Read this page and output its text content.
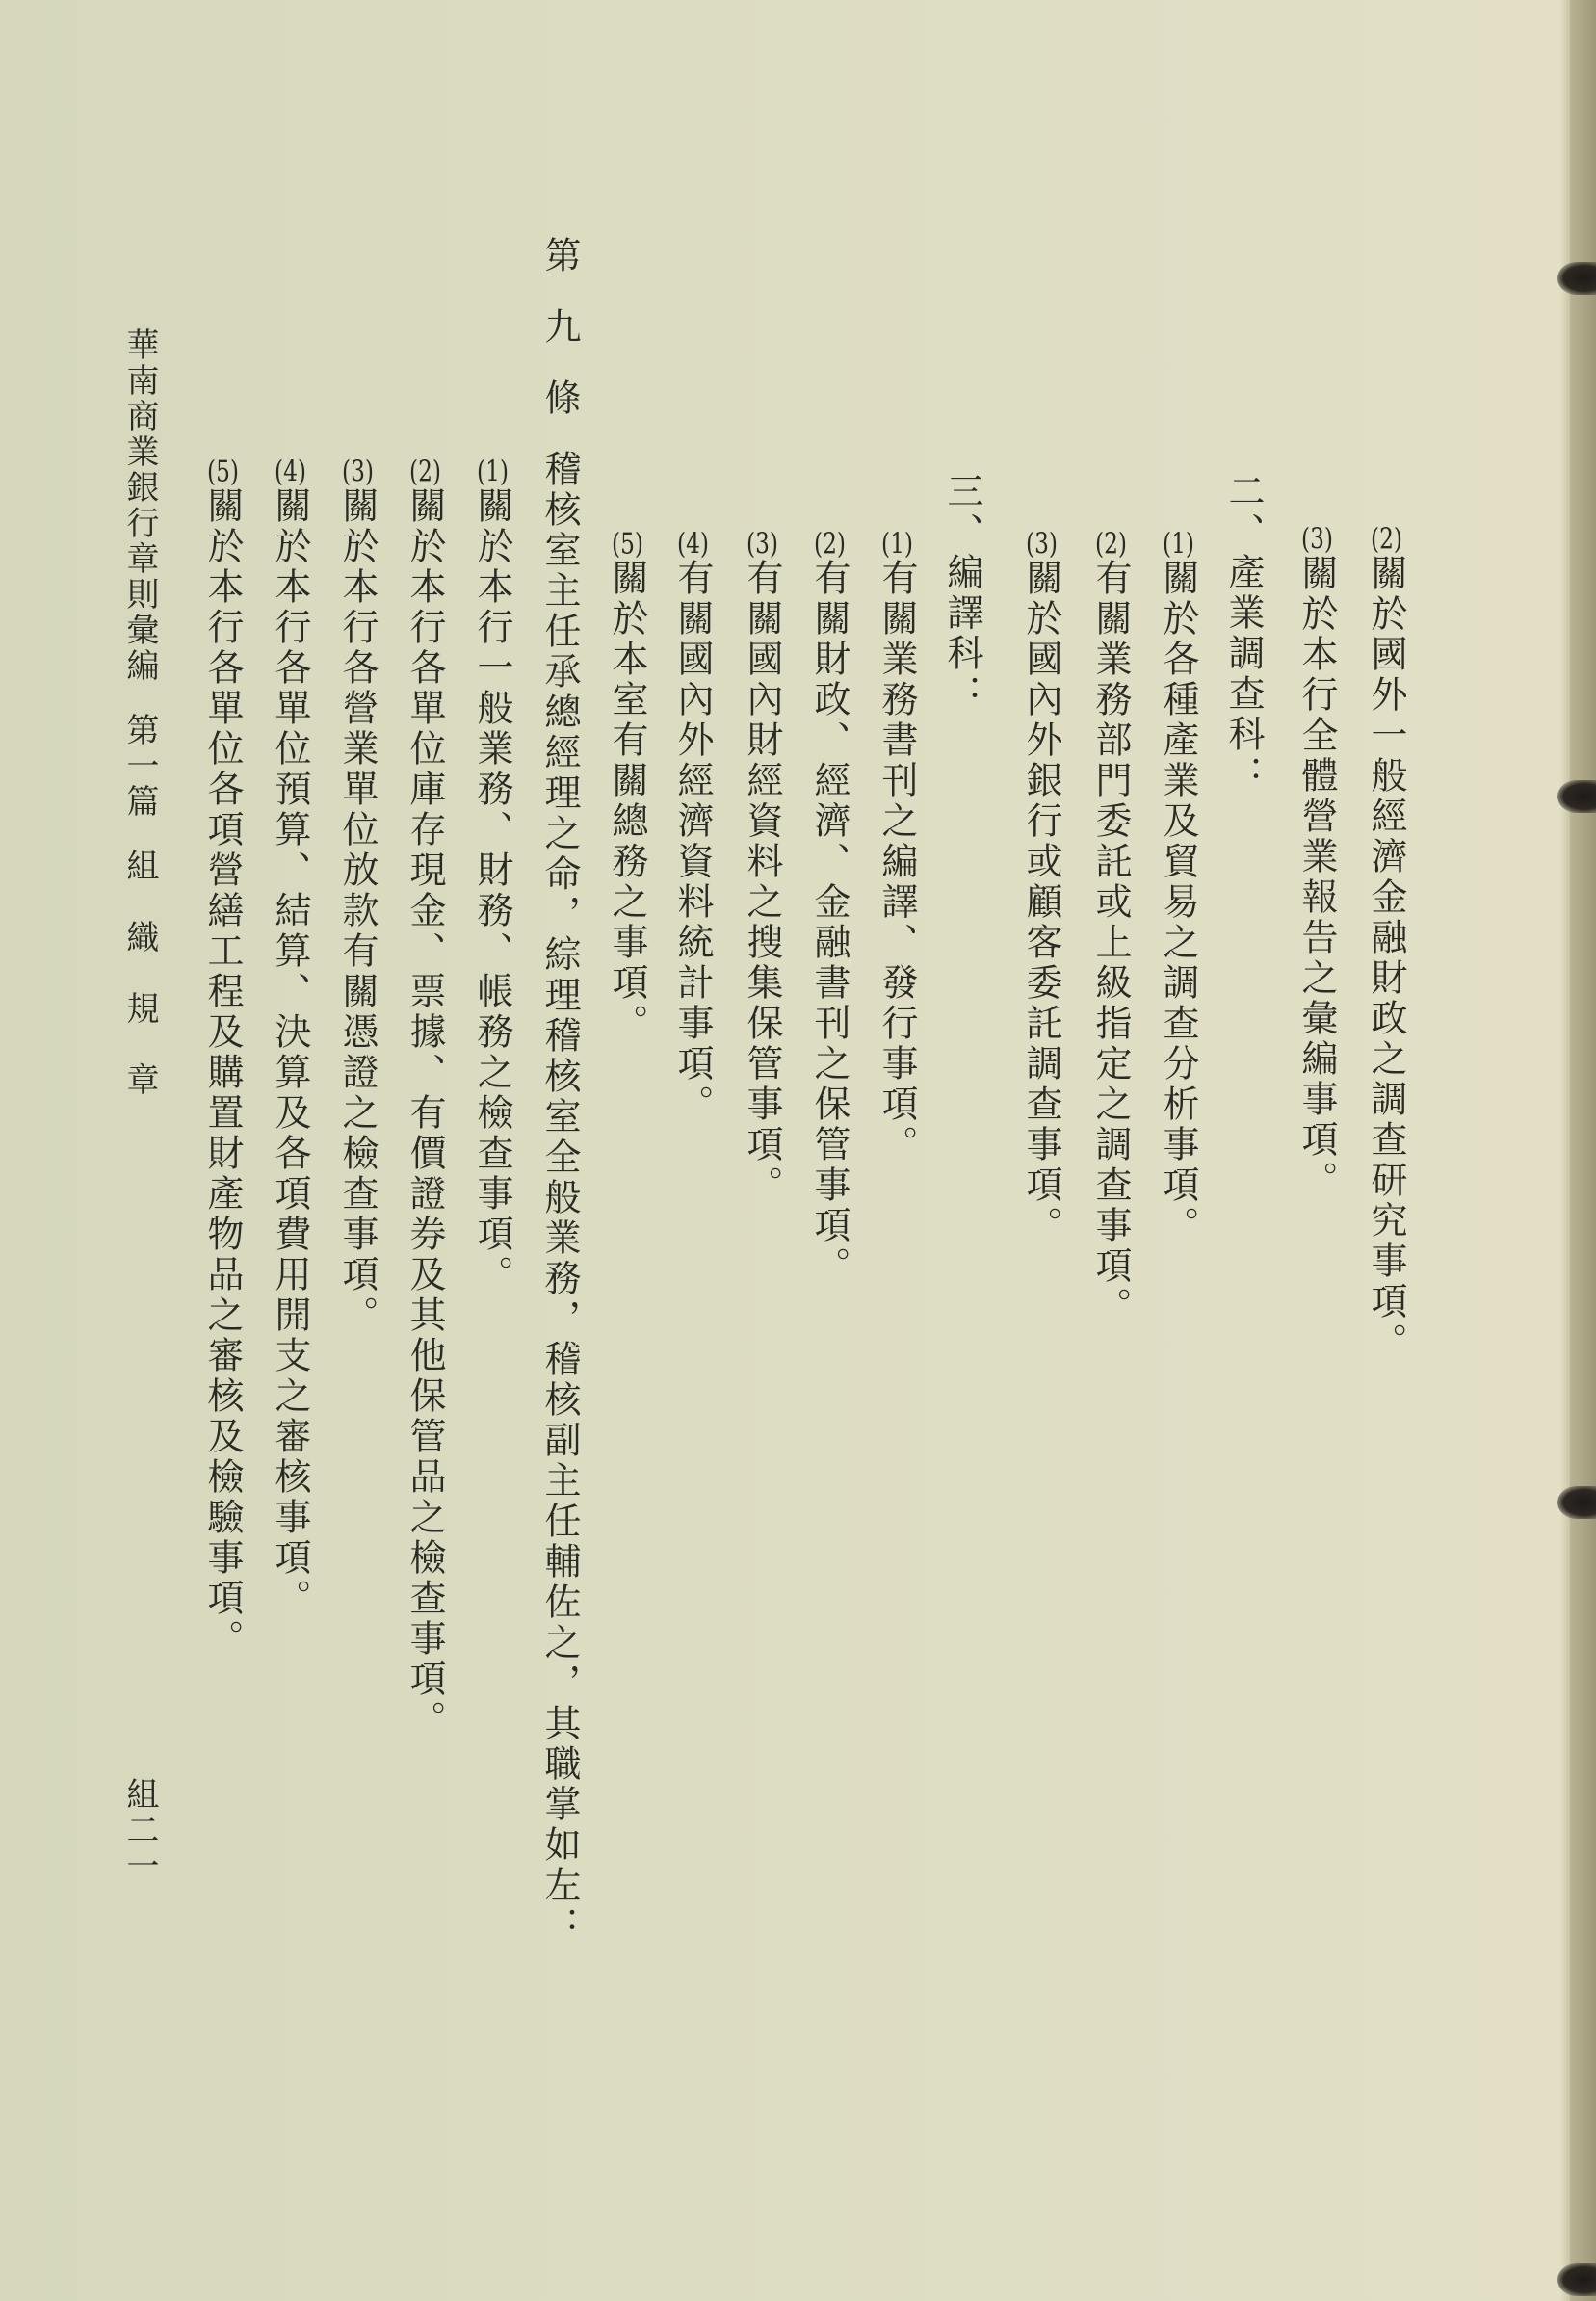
(2)關於國外一般經濟金融財政之調查研究事項。
(3)關於本行全體營業報告之彙編事項。
二、產業調查科：
(1)關於各種產業及貿易之調查分析事項。
(2)有關業務部門委託或上級指定之調查事項。
(3)關於國內外銀行或顧客委託調查事項。
三、編譯科：
(1)有關業務書刊之編譯、發行事項。
(2)有關財政、經濟、金融書刊之保管事項。
(3)有關國內財經資料之搜集保管事項。
(4)有關國內外經濟資料統計事項。
(5)關於本室有關總務之事項。
第九條稽核室主任承總經理之命，綜理稽核室全般業務，稽核副主任輔佐之，其職掌如左：
(1)關於本行一般業務、財務、帳務之檢查事項。
(2)關於本行各單位庫存現金、票據、有價證券及其他保管品之檢查事項。
(3)關於本行各營業單位放款有關憑證之檢查事項。
(4)關於本行各單位預算、結算、決算及各項費用開支之審核事項。
(5)關於本行各單位各項營繕工程及購置財產物品之審核及檢驗事項。
華南商業銀行章則彙編第一篇組　織　規　章
組二一
